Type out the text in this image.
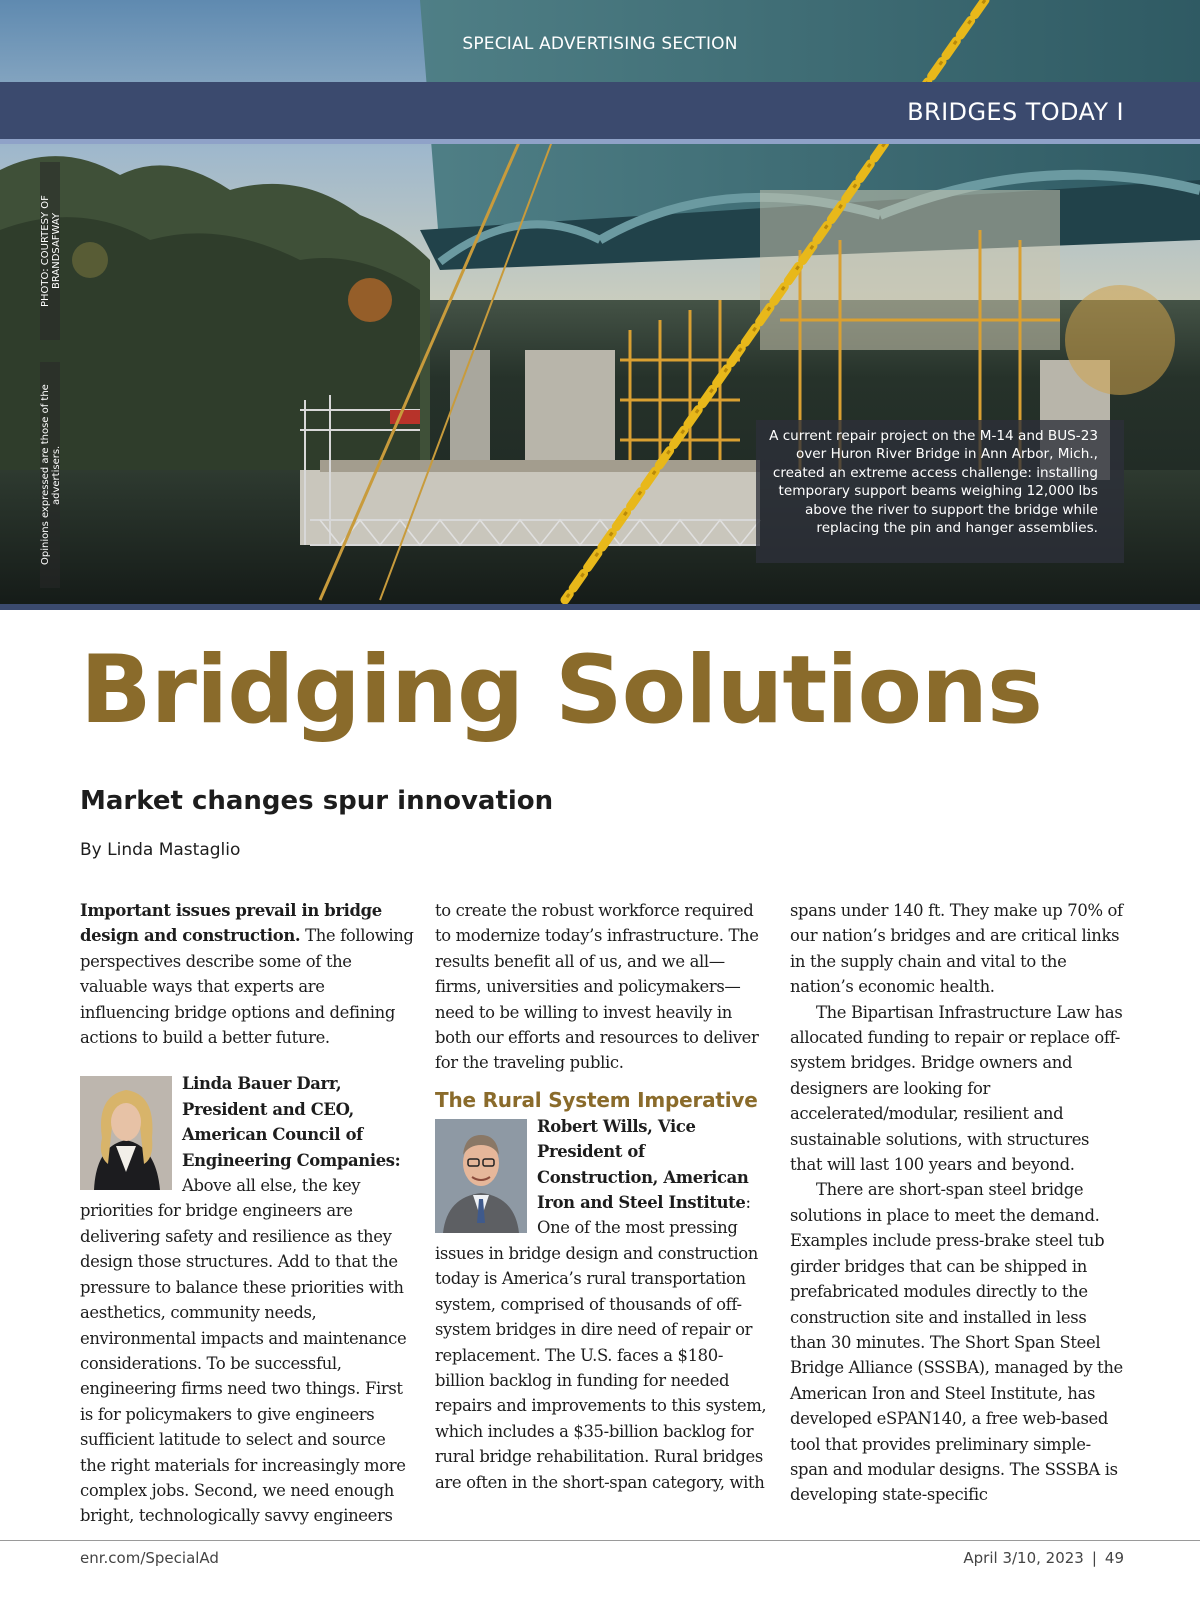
SPECIAL ADVERTISING SECTION
BRIDGES TODAY I
PHOTO: COURTESY OF BRANDSAFWAY
Opinions expressed are those of the advertisers.
A current repair project on the M-14 and BUS-23 over Huron River Bridge in Ann Arbor, Mich., created an extreme access challenge: installing temporary support beams weighing 12,000 lbs above the river to support the bridge while replacing the pin and hanger assemblies.
Bridging Solutions
Market changes spur innovation
By Linda Mastaglio

Important issues prevail in bridge design and construction. The following perspectives describe some of the valuable ways that experts are influencing bridge options and defining actions to build a better future.

Linda Bauer Darr, President and CEO, American Council of Engineering Companies: Above all else, the key priorities for bridge engineers are delivering safety and resilience as they design those structures. Add to that the pressure to balance these priorities with aesthetics, community needs, environmental impacts and maintenance considerations. To be successful, engineering firms need two things. First is for policymakers to give engineers sufficient latitude to select and source the right materials for increasingly more complex jobs. Second, we need enough bright, technologically savvy engineers

to create the robust workforce required to modernize today’s infrastructure. The results benefit all of us, and we all—firms, universities and policymakers—need to be willing to invest heavily in both our efforts and resources to deliver for the traveling public.

The Rural System Imperative

Robert Wills, Vice President of Construction, American Iron and Steel Institute: One of the most pressing issues in bridge design and construction today is America’s rural transportation system, comprised of thousands of off-system bridges in dire need of repair or replacement. The U.S. faces a $180-billion backlog in funding for needed repairs and improvements to this system, which includes a $35-billion backlog for rural bridge rehabilitation. Rural bridges are often in the short-span category, with

spans under 140 ft. They make up 70% of our nation’s bridges and are critical links in the supply chain and vital to the nation’s economic health.

The Bipartisan Infrastructure Law has allocated funding to repair or replace off-system bridges. Bridge owners and designers are looking for accelerated/modular, resilient and sustainable solutions, with structures that will last 100 years and beyond.

There are short-span steel bridge solutions in place to meet the demand. Examples include press-brake steel tub girder bridges that can be shipped in prefabricated modules directly to the construction site and installed in less than 30 minutes. The Short Span Steel Bridge Alliance (SSSBA), managed by the American Iron and Steel Institute, has developed eSPAN140, a free web-based tool that provides preliminary simple-span and modular designs. The SSSBA is developing state-specific

enr.com/SpecialAd	April 3/10, 2023 | 49
